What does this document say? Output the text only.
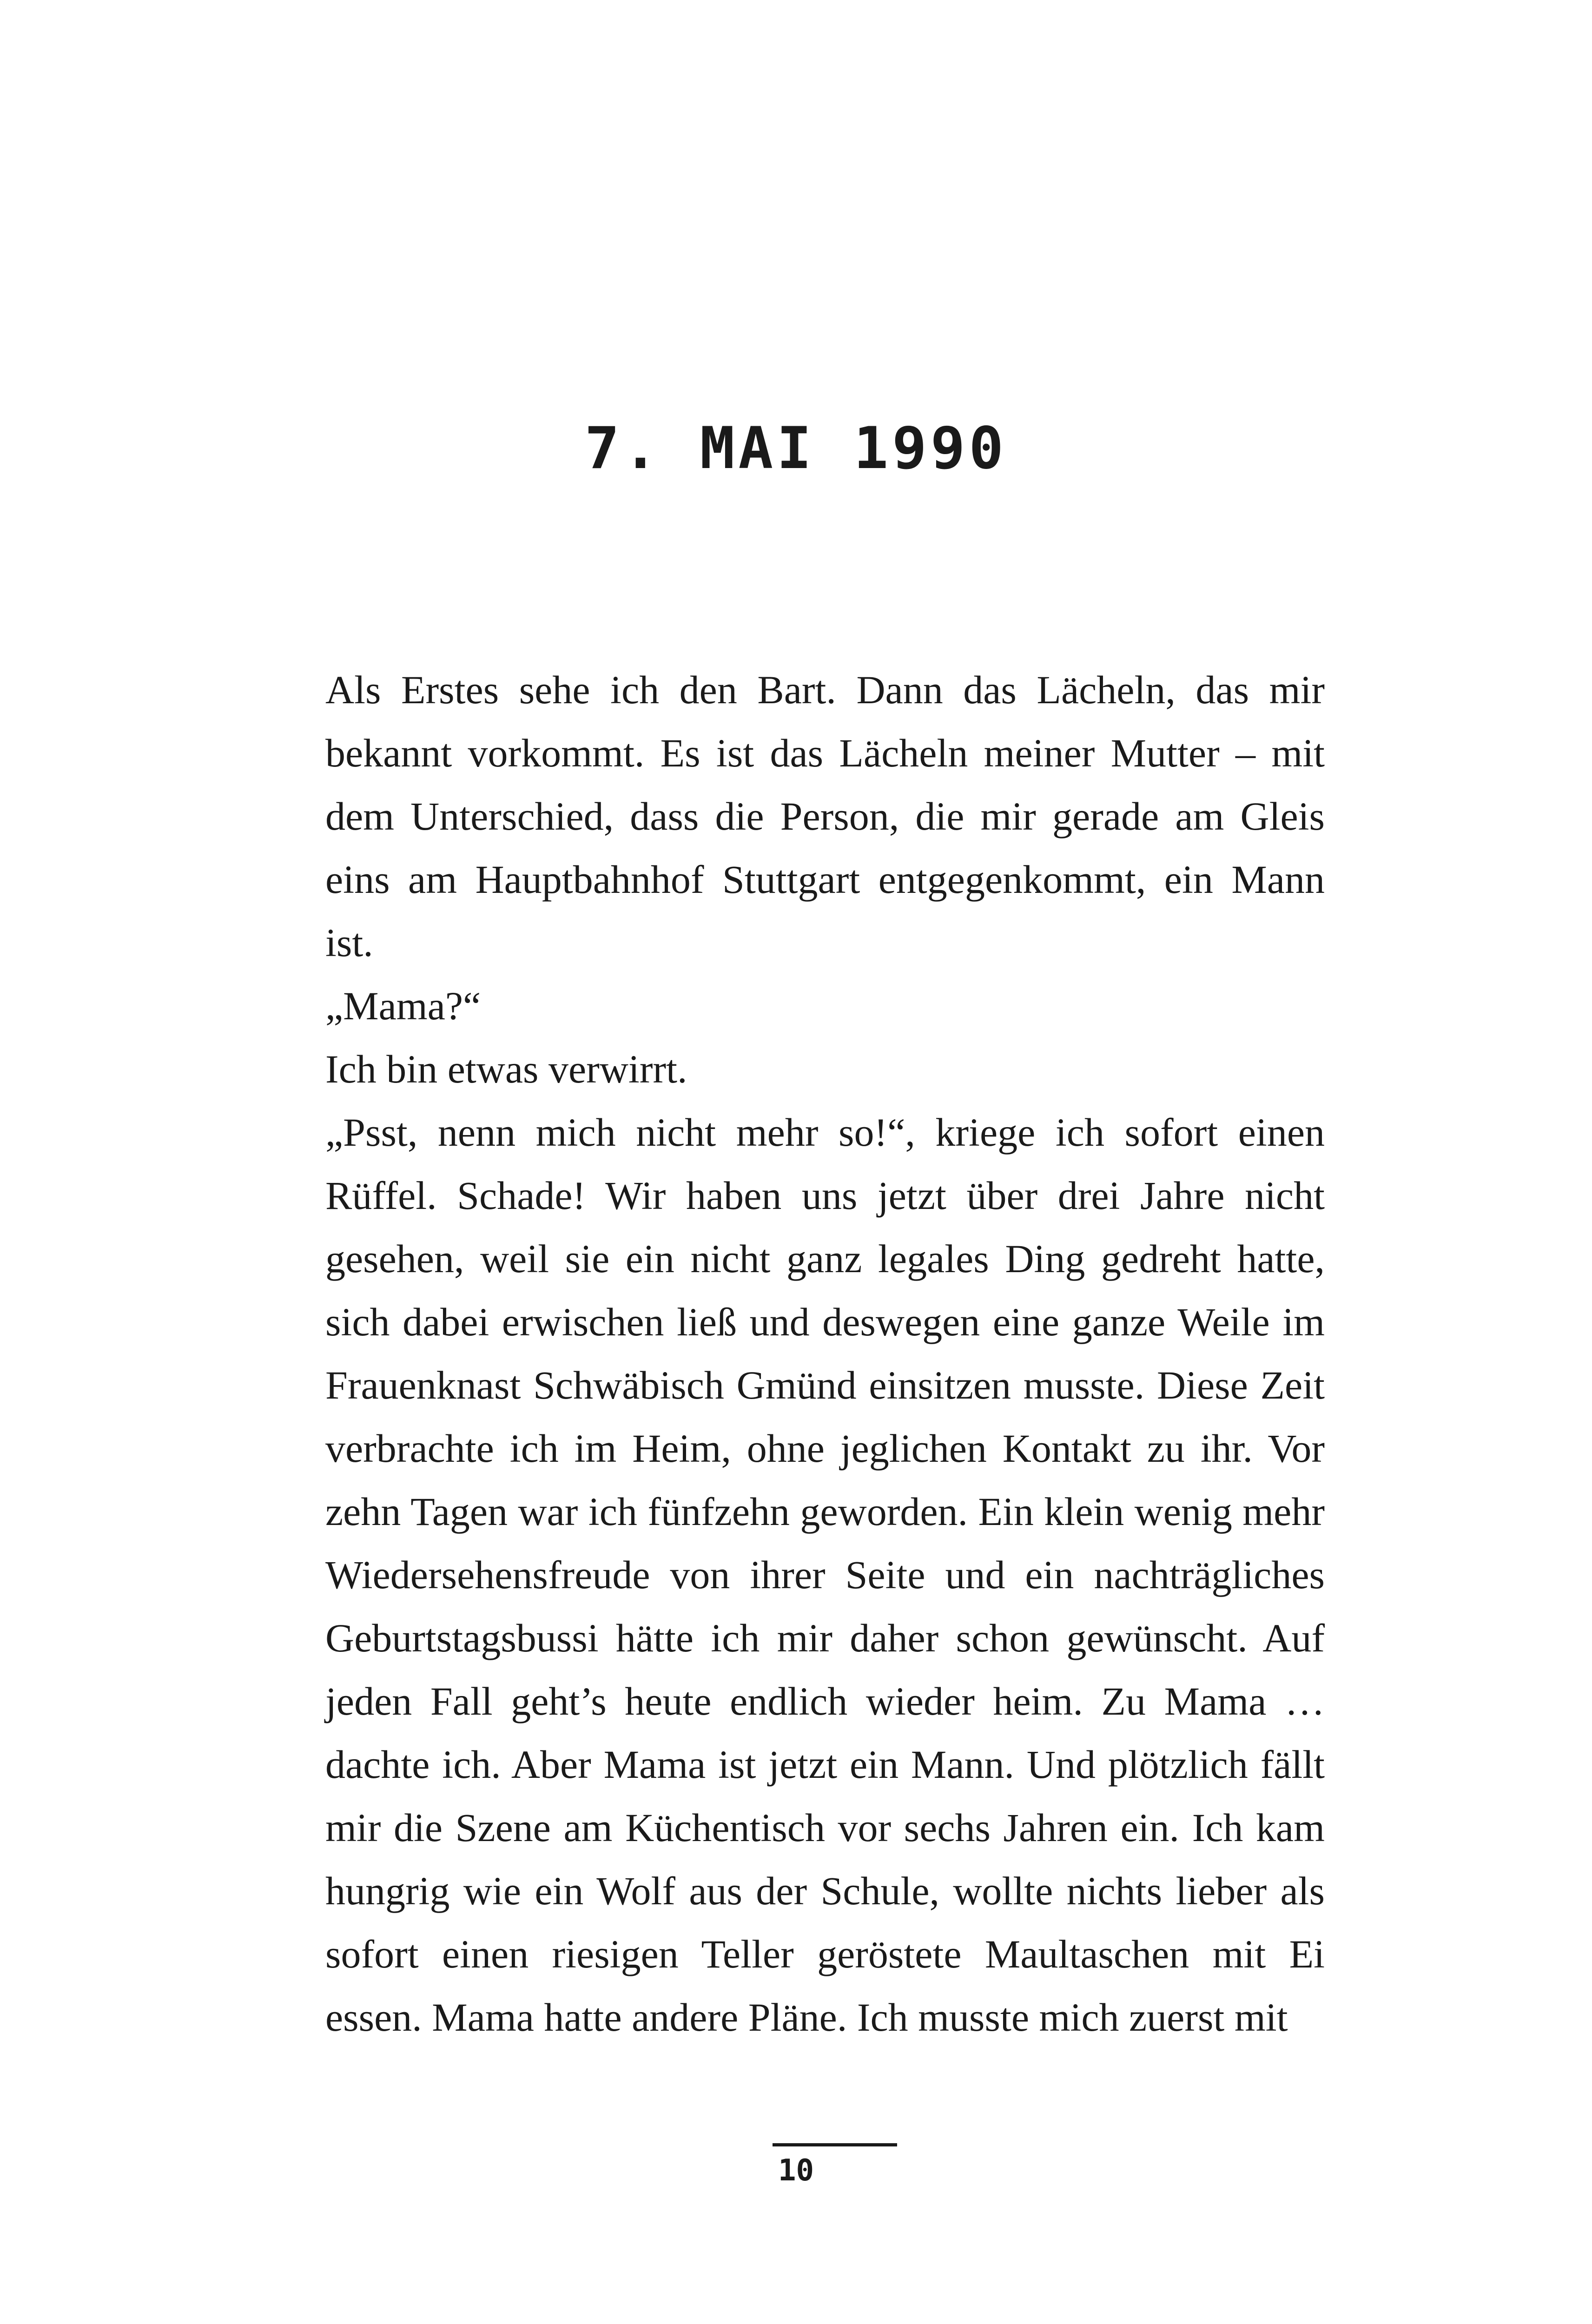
7. MAI 1990

Als Erstes sehe ich den Bart. Dann das Lächeln, das mir bekannt vorkommt. Es ist das Lächeln meiner Mutter – mit dem Unterschied, dass die Person, die mir gerade am Gleis eins am Hauptbahnhof Stuttgart entgegenkommt, ein Mann ist.

„Mama?“

Ich bin etwas verwirrt.

„Psst, nenn mich nicht mehr so!“, kriege ich sofort einen Rüffel. Schade! Wir haben uns jetzt über drei Jahre nicht gesehen, weil sie ein nicht ganz legales Ding gedreht hatte, sich dabei erwischen ließ und deswegen eine ganze Weile im Frauenknast Schwäbisch Gmünd einsitzen musste. Diese Zeit verbrachte ich im Heim, ohne jeglichen Kontakt zu ihr. Vor zehn Tagen war ich fünfzehn geworden. Ein klein wenig mehr Wiedersehensfreude von ihrer Seite und ein nachträgliches Geburtstagsbussi hätte ich mir daher schon gewünscht. Auf jeden Fall geht’s heute endlich wieder heim. Zu Mama … dachte ich. Aber Mama ist jetzt ein Mann. Und plötzlich fällt mir die Szene am Küchentisch vor sechs Jahren ein. Ich kam hungrig wie ein Wolf aus der Schule, wollte nichts lieber als sofort einen riesigen Teller geröstete Maultaschen mit Ei essen. Mama hatte andere Pläne. Ich musste mich zuerst mit

10
